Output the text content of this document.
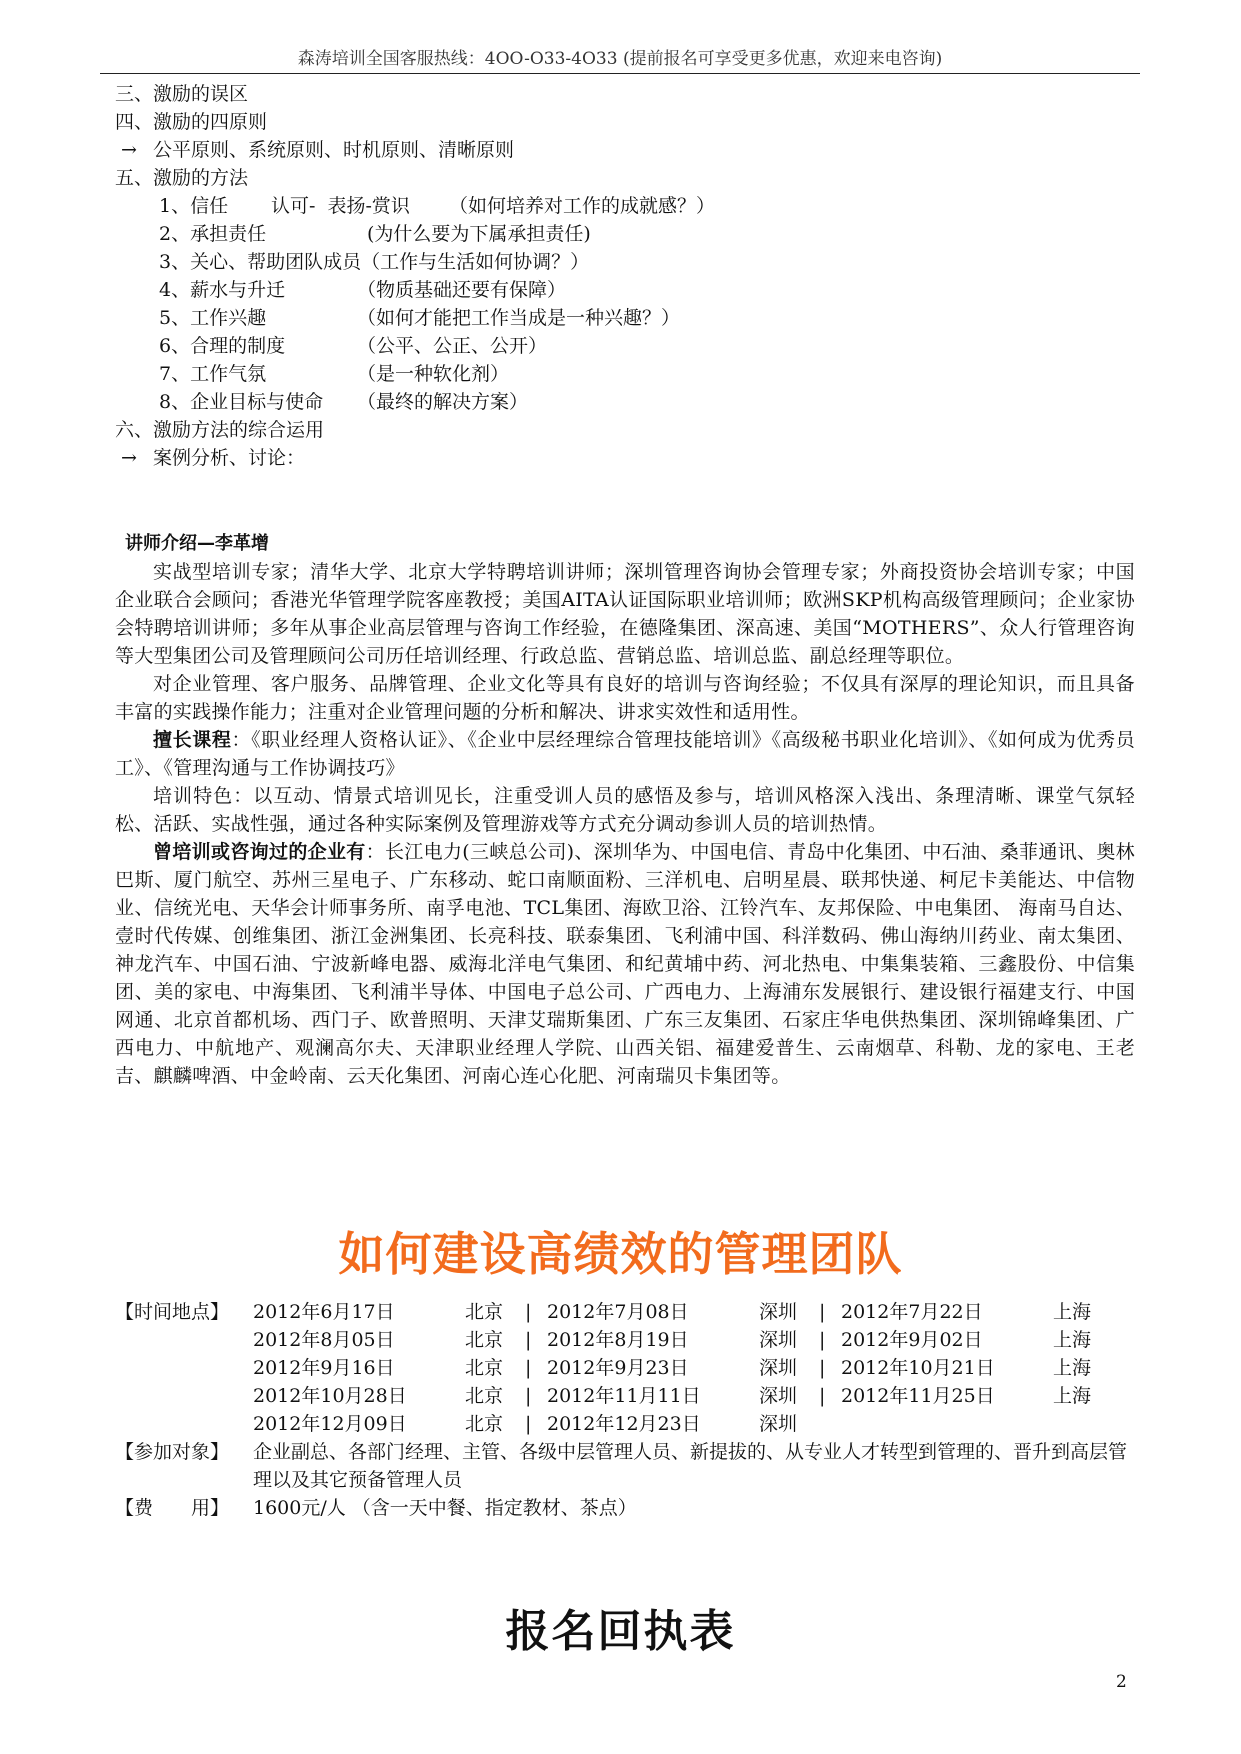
森涛培训全国客服热线：4OO-O33-4O33 (提前报名可享受更多优惠，欢迎来电咨询)
三、激励的误区
四、激励的四原则
→ 公平原则、系统原则、时机原则、清晰原则
五、激励的方法
1、信任 认可-  表扬-赏识 （如何培养对工作的成就感？）
2、承担责任	(为什么要为下属承担责任)
3、关心、帮助团队成员（工作与生活如何协调？）
4、薪水与升迁	（物质基础还要有保障）
5、工作兴趣	（如何才能把工作当成是一种兴趣？）
6、合理的制度	（公平、公正、公开）
7、工作气氛	（是一种软化剂）
8、企业目标与使命 （最终的解决方案）
六、激励方法的综合运用
→ 案例分析、讨论：
讲师介绍—李革增

实战型培训专家；清华大学、北京大学特聘培训讲师；深圳管理咨询协会管理专家；外商投资协会培训专家；中国企业联合会顾问；香港光华管理学院客座教授；美国AITA认证国际职业培训师；欧洲SKP机构高级管理顾问；企业家协会特聘培训讲师；多年从事企业高层管理与咨询工作经验，在德隆集团、深高速、美国“MOTHERS”、众人行管理咨询等大型集团公司及管理顾问公司历任培训经理、行政总监、营销总监、培训总监、副总经理等职位。

对企业管理、客户服务、品牌管理、企业文化等具有良好的培训与咨询经验；不仅具有深厚的理论知识，而且具备丰富的实践操作能力；注重对企业管理问题的分析和解决、讲求实效性和适用性。

擅长课程：《职业经理人资格认证》、《企业中层经理综合管理技能培训》《高级秘书职业化培训》、《如何成为优秀员工》、《管理沟通与工作协调技巧》

培训特色：以互动、情景式培训见长，注重受训人员的感悟及参与，培训风格深入浅出、条理清晰、课堂气氛轻松、活跃、实战性强，通过各种实际案例及管理游戏等方式充分调动参训人员的培训热情。

曾培训或咨询过的企业有：长江电力(三峡总公司)、深圳华为、中国电信、青岛中化集团、中石油、桑菲通讯、奥林巴斯、厦门航空、苏州三星电子、广东移动、蛇口南顺面粉、三洋机电、启明星晨、联邦快递、柯尼卡美能达、中信物业、信统光电、天华会计师事务所、南孚电池、TCL集团、海欧卫浴、江铃汽车、友邦保险、中电集团、 海南马自达、壹时代传媒、创维集团、浙江金洲集团、长亮科技、联泰集团、飞利浦中国、科洋数码、佛山海纳川药业、南太集团、神龙汽车、中国石油、宁波新峰电器、威海北洋电气集团、和纪黄埔中药、河北热电、中集集装箱、三鑫股份、中信集团、美的家电、中海集团、飞利浦半导体、中国电子总公司、广西电力、上海浦东发展银行、建设银行福建支行、中国网通、北京首都机场、西门子、欧普照明、天津艾瑞斯集团、广东三友集团、石家庄华电供热集团、深圳锦峰集团、广西电力、中航地产、观澜高尔夫、天津职业经理人学院、山西关铝、福建爱普生、云南烟草、科勒、龙的家电、王老吉、麒麟啤酒、中金岭南、云天化集团、河南心连心化肥、河南瑞贝卡集团等。

如何建设高绩效的管理团队
【时间地点】 2012年6月17日	北京 | 2012年7月08日	深圳 | 2012年7月22日	上海
2012年8月05日	北京 | 2012年8月19日	深圳 | 2012年9月02日	上海
2012年9月16日	北京 | 2012年9月23日	深圳 | 2012年10月21日	上海
2012年10月28日	北京 | 2012年11月11日	深圳 | 2012年11月25日	上海
2012年12月09日	北京 | 2012年12月23日	深圳
【参加对象】 企业副总、各部门经理、主管、各级中层管理人员、新提拔的、从专业人才转型到管理的、晋升到高层管理以及其它预备管理人员
【费　　用】 1600元/人 （含一天中餐、指定教材、茶点）
报名回执表
2
